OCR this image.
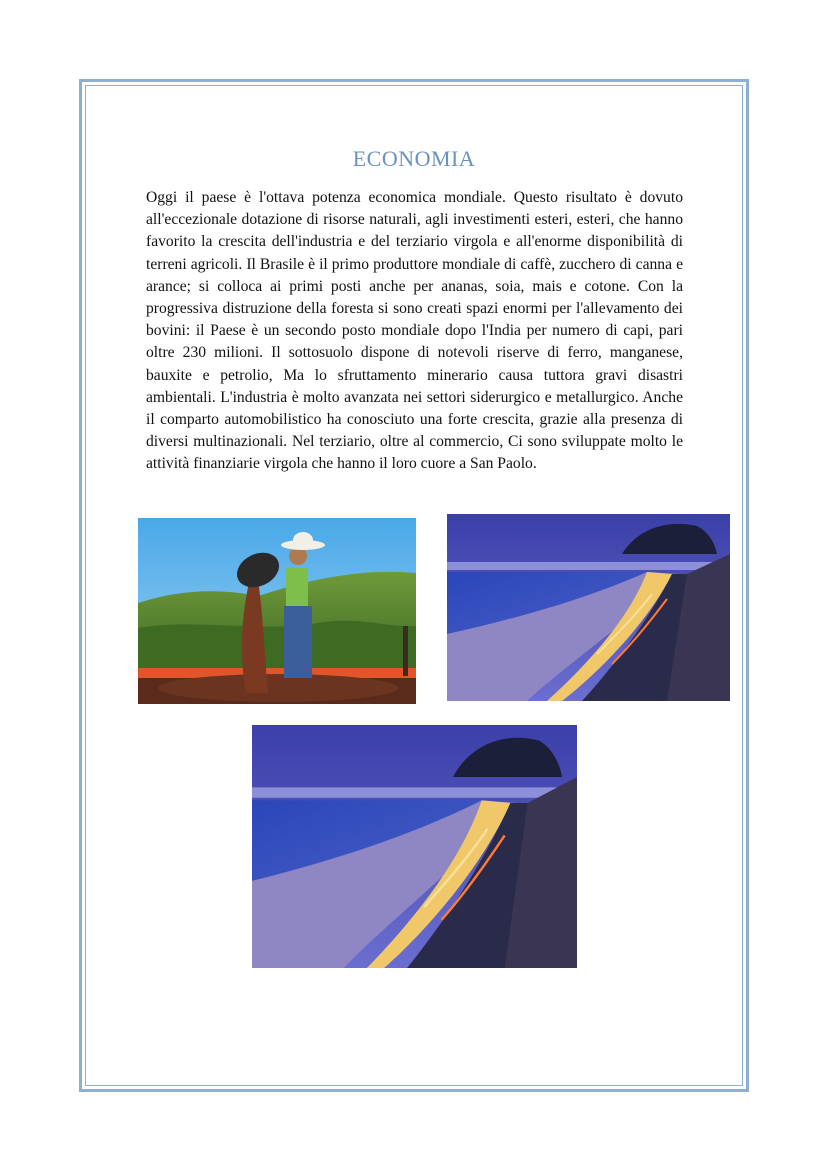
ECONOMIA

Oggi il paese è l'ottava potenza economica mondiale. Questo risultato è dovuto all'eccezionale dotazione di risorse naturali, agli investimenti esteri, esteri, che hanno favorito la crescita dell'industria e del terziario virgola e all'enorme disponibilità di terreni agricoli. Il Brasile è il primo produttore mondiale di caffè, zucchero di canna e arance; si colloca ai primi posti anche per ananas, soia, mais e cotone. Con la progressiva distruzione della foresta si sono creati spazi enormi per l'allevamento dei bovini: il Paese è un secondo posto mondiale dopo l'India per numero di capi, pari oltre 230 milioni. Il sottosuolo dispone di notevoli riserve di ferro, manganese, bauxite e petrolio, Ma lo sfruttamento minerario causa tuttora gravi disastri ambientali. L'industria è molto avanzata nei settori siderurgico e metallurgico. Anche il comparto automobilistico ha conosciuto una forte crescita, grazie alla presenza di diversi multinazionali. Nel terziario, oltre al commercio, Ci sono sviluppate molto le attività finanziarie virgola che hanno il loro cuore a San Paolo.
